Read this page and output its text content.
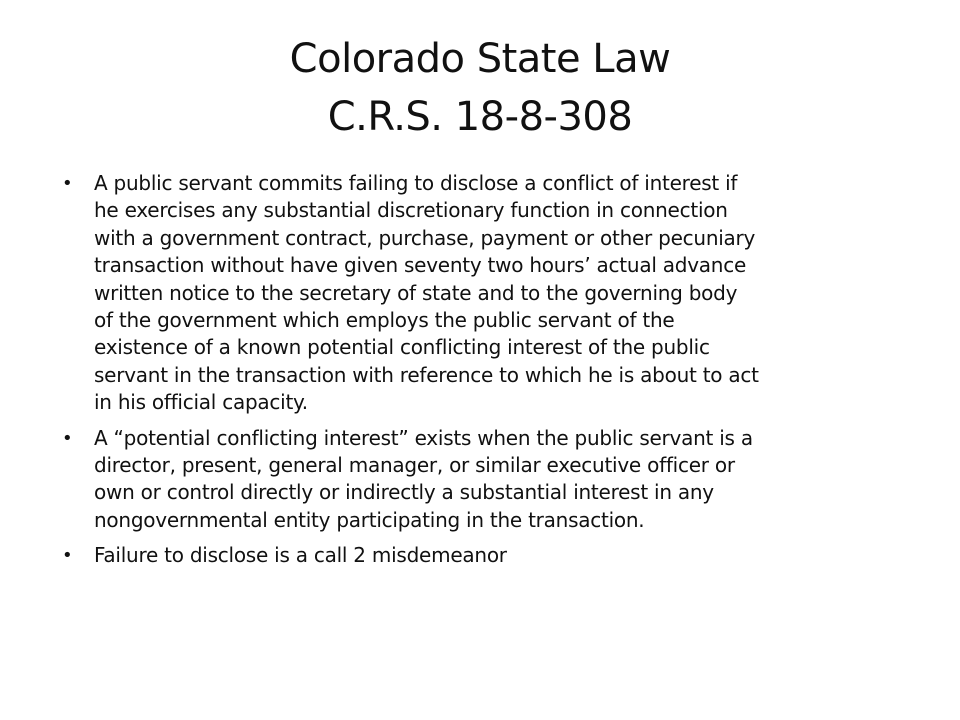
Colorado State Law
C.R.S. 18-8-308
• A public servant commits failing to disclose a conflict of interest if
he exercises any substantial discretionary function in connection
with a government contract, purchase, payment or other pecuniary
transaction without have given seventy two hours’ actual advance
written notice to the secretary of state and to the governing body
of the government which employs the public servant of the
existence of a known potential conflicting interest of the public
servant in the transaction with reference to which he is about to act
in his official capacity.
• A “potential conflicting interest” exists when the public servant is a
director, present, general manager, or similar executive officer or
own or control directly or indirectly a substantial interest in any
nongovernmental entity participating in the transaction.
• Failure to disclose is a call 2 misdemeanor
